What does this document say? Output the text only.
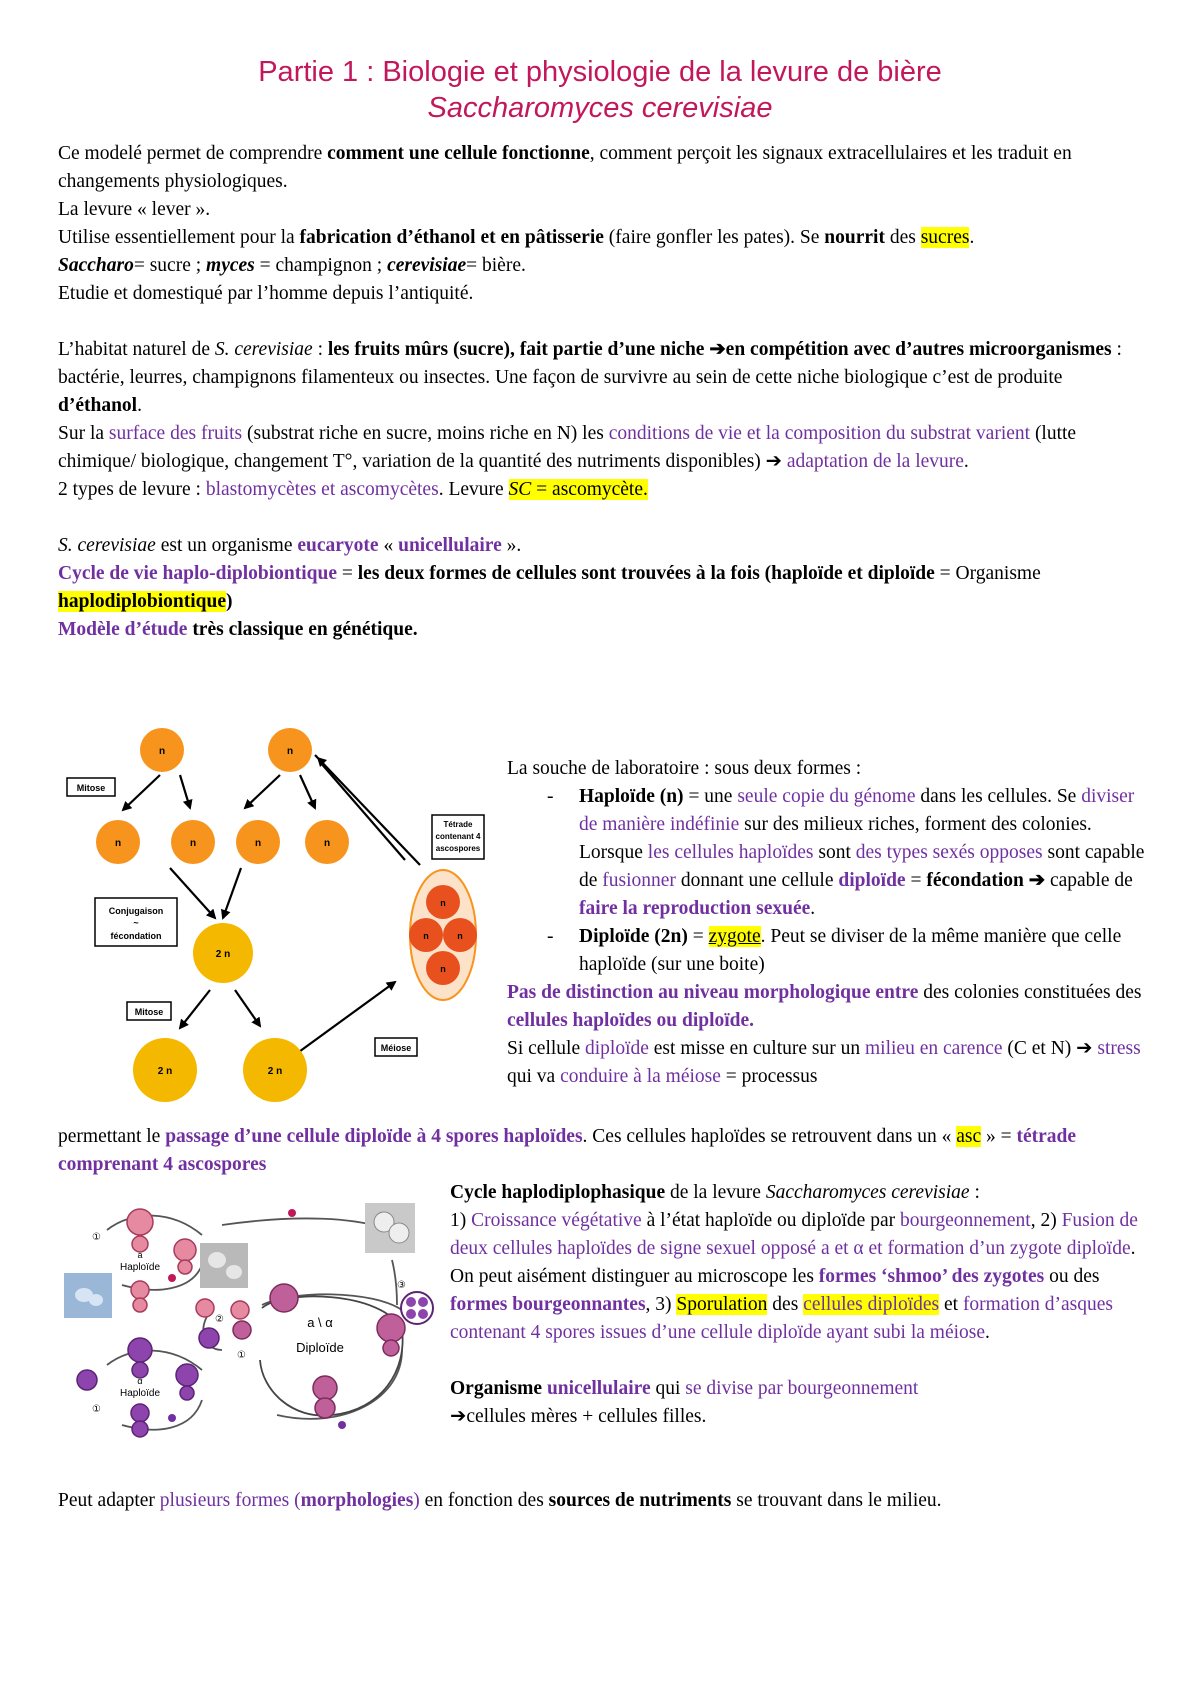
Partie 1 : Biologie et physiologie de la levure de bière
Saccharomyces cerevisiae

Ce modelé permet de comprendre comment une cellule fonctionne, comment perçoit les signaux extracellulaires et les traduit en changements physiologiques.

La levure « lever ».

Utilise essentiellement pour la fabrication d’éthanol et en pâtisserie (faire gonfler les pates). Se nourrit des sucres.

Saccharo= sucre ; myces = champignon ; cerevisiae= bière.

Etudie et domestiqué par l’homme depuis l’antiquité.

L’habitat naturel de S. cerevisiae : les fruits mûrs (sucre), fait partie d’une niche ➔en compétition avec d’autres microorganismes : bactérie, leurres, champignons filamenteux ou insectes. Une façon de survivre au sein de cette niche biologique c’est de produite d’éthanol.

Sur la surface des fruits (substrat riche en sucre, moins riche en N) les conditions de vie et la composition du substrat varient (lutte chimique/ biologique, changement T°, variation de la quantité des nutriments disponibles) ➔ adaptation de la levure.

2 types de levure : blastomycètes et ascomycètes. Levure SC = ascomycète.

S. cerevisiae est un organisme eucaryote « unicellulaire ».

Cycle de vie haplo-diplobiontique = les deux formes de cellules sont trouvées à la fois (haploïde et diploïde = Organisme haplodiplobiontique)

Modèle d’étude très classique en génétique.

n	n
Mitose
n	n	n	n
Conjugaison
~
fécondation
2 n
Mitose
2 n	2 n
Méiose
Tétrade
contenant 4
ascospores
n
n	n
n

La souche de laboratoire : sous deux formes :

- Haploïde (n) = une seule copie du génome dans les cellules. Se diviser de manière indéfinie sur des milieux riches, forment des colonies. Lorsque les cellules haploïdes sont des types sexés opposes sont capable de fusionner donnant une cellule diploïde = fécondation ➔ capable de faire la reproduction sexuée.

- Diploïde (2n) = zygote. Peut se diviser de la même manière que celle haploïde (sur une boite)

Pas de distinction au niveau morphologique entre des colonies constituées des cellules haploïdes ou diploïde.

Si cellule diploïde est misse en culture sur un milieu en carence (C et N) ➔ stress qui va conduire à la méiose = processus

permettant le passage d’une cellule diploïde à 4 spores haploïdes. Ces cellules haploïdes se retrouvent dans un « asc » = tétrade comprenant 4 ascospores

a
Haploïde
①
②	a \ α
Diploïde
①
③
α
Haploïde
①

Cycle haplodiplophasique de la levure Saccharomyces cerevisiae :
1) Croissance végétative à l’état haploïde ou diploïde par bourgeonnement, 2) Fusion de deux cellules haploïdes de signe sexuel opposé a et α et formation d’un zygote diploïde. On peut aisément distinguer au microscope les formes ‘shmoo’ des zygotes ou des formes bourgeonnantes, 3) Sporulation des cellules diploïdes et formation d’asques contenant 4 spores issues d’une cellule diploïde ayant subi la méiose.

Organisme unicellulaire qui se divise par bourgeonnement
➔cellules mères + cellules filles.

Peut adapter plusieurs formes (morphologies) en fonction des sources de nutriments se trouvant dans le milieu.
